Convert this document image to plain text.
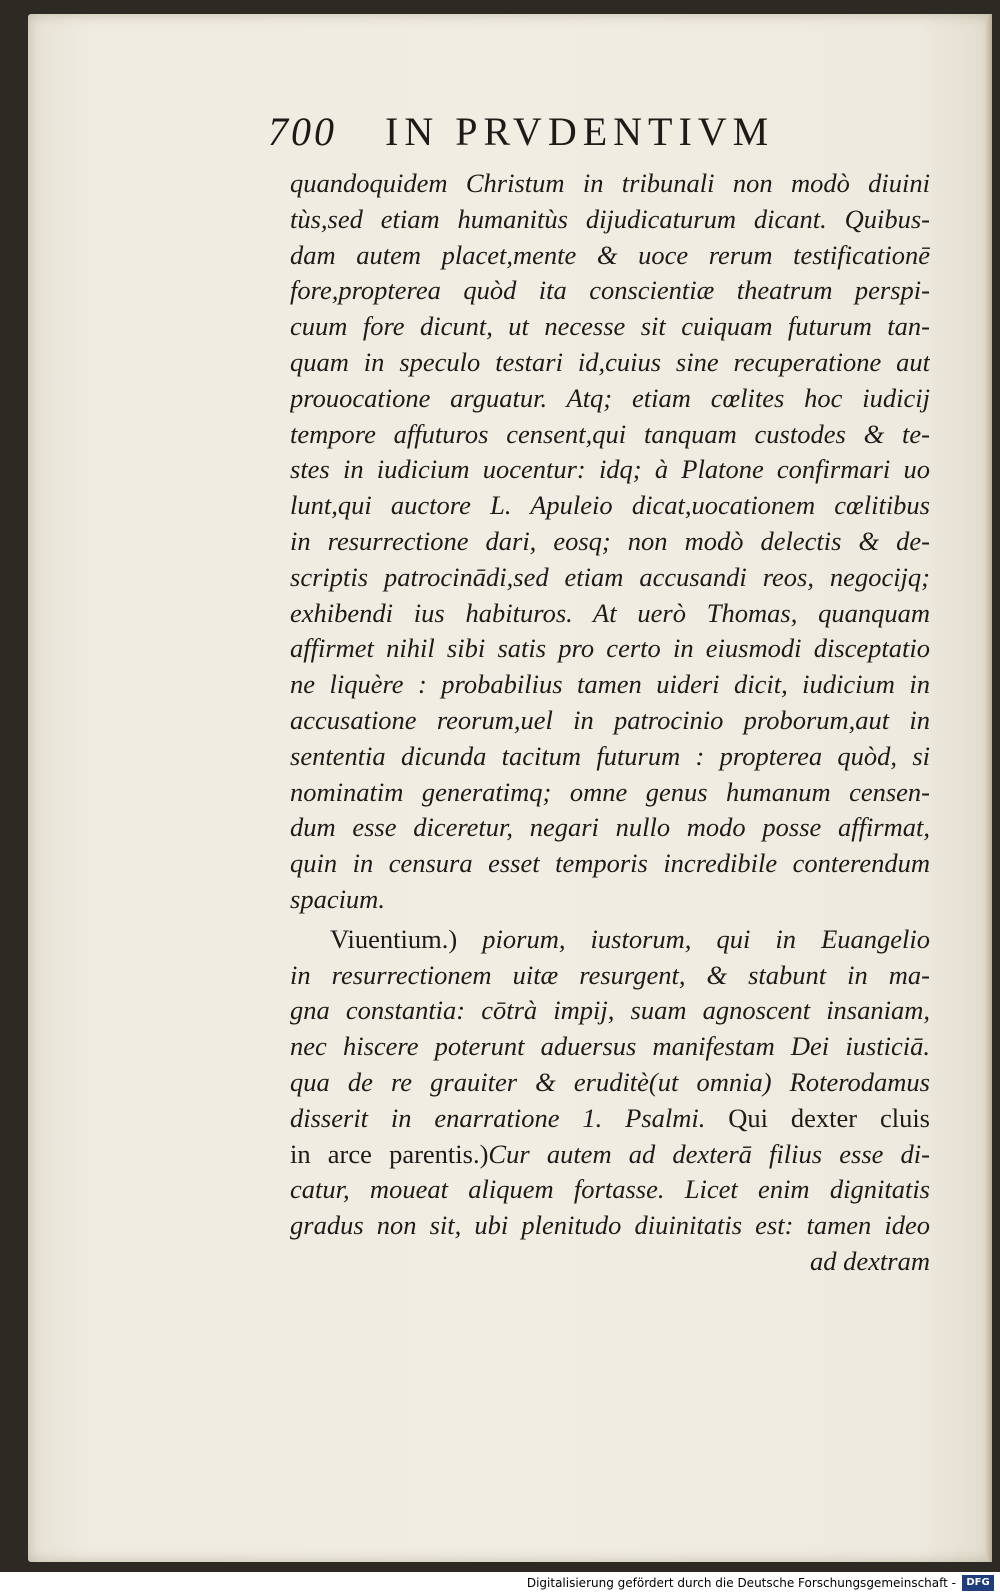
700 IN PRVDENTIVM
quandoquidem Christum in tribunali non modò diuini
tùs,sed etiam humanitùs dijudicaturum dicant. Quibus-
dam autem placet,mente & uoce rerum testificationē
fore,propterea quòd ita conscientiæ theatrum perspi-
cuum fore dicunt, ut necesse sit cuiquam futurum tan-
quam in speculo testari id,cuius sine recuperatione aut
prouocatione arguatur. Atq; etiam cœlites hoc iudicij
tempore affuturos censent,qui tanquam custodes & te-
stes in iudicium uocentur: idq; à Platone confirmari uo
lunt,qui auctore L. Apuleio dicat,uocationem cœlitibus
in resurrectione dari, eosq; non modò delectis & de-
scriptis patrocinādi,sed etiam accusandi reos, negocijq;
exhibendi ius habituros. At uerò Thomas, quanquam
affirmet nihil sibi satis pro certo in eiusmodi disceptatio
ne liquère : probabilius tamen uideri dicit, iudicium in
accusatione reorum,uel in patrocinio proborum,aut in
sententia dicunda tacitum futurum : propterea quòd, si
nominatim generatimq; omne genus humanum censen-
dum esse diceretur, negari nullo modo posse affirmat,
quin in censura esset temporis incredibile conterendum
spacium.
Viuentium.) piorum, iustorum, qui in Euangelio
in resurrectionem uitæ resurgent, & stabunt in ma-
gna constantia: cōtrà impij, suam agnoscent insaniam,
nec hiscere poterunt aduersus manifestam Dei iusticiā.
qua de re grauiter & eruditè(ut omnia) Roterodamus
disserit in enarratione 1. Psalmi. Qui dexter cluis
in arce parentis.)Cur autem ad dexterā filius esse di-
catur, moueat aliquem fortasse. Licet enim dignitatis
gradus non sit, ubi plenitudo diuinitatis est: tamen ideo
ad dextram
Digitalisierung gefördert durch die Deutsche Forschungsgemeinschaft -	DFG
